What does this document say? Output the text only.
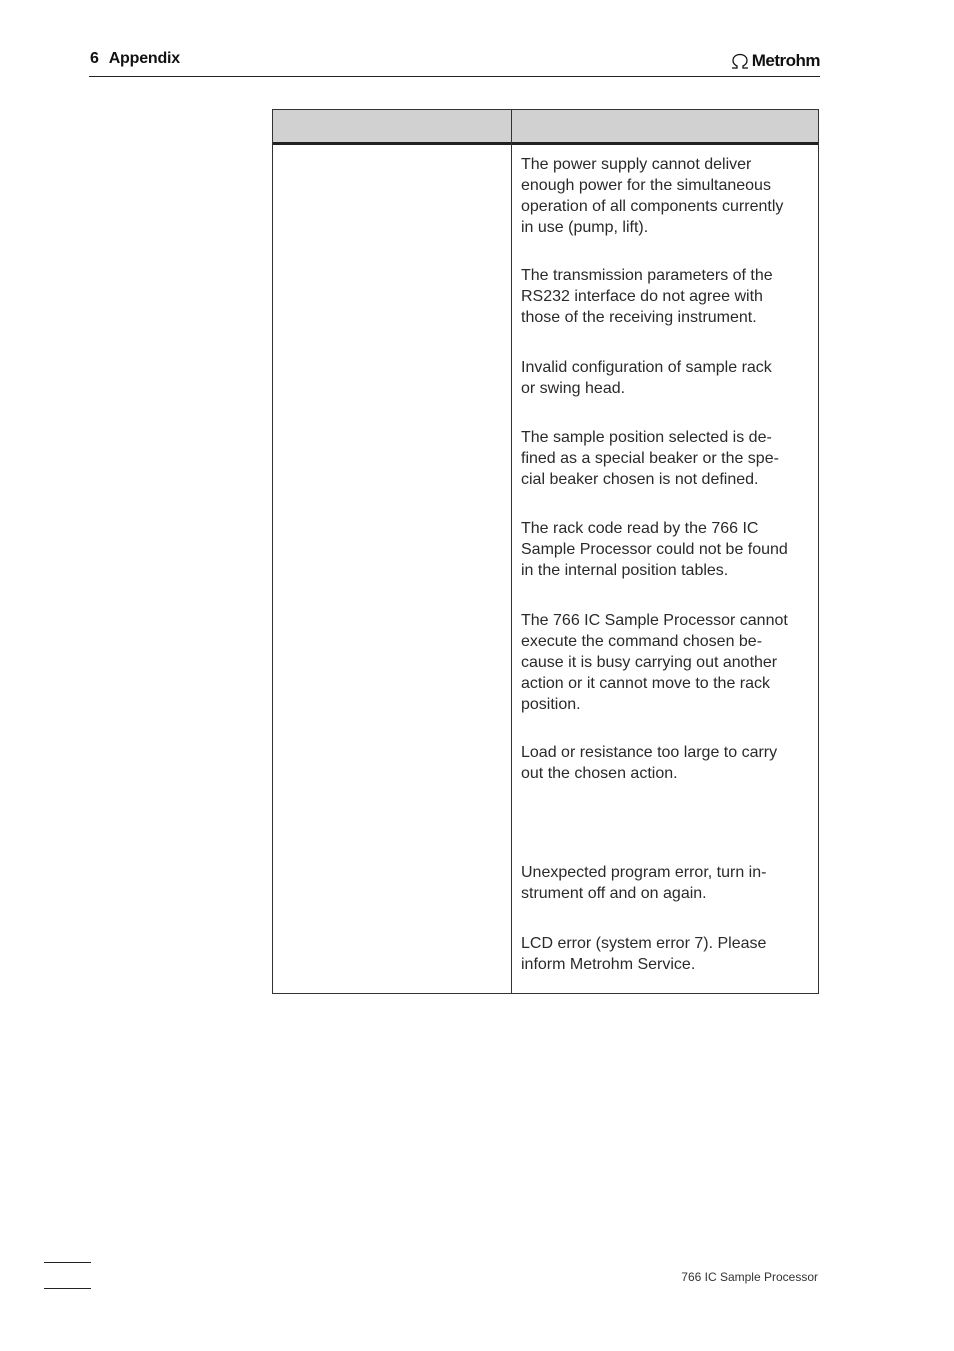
6 Appendix	Metrohm
The power supply cannot deliver
enough power for the simultaneous
operation of all components currently
in use (pump, lift).
The transmission parameters of the
RS232 interface do not agree with
those of the receiving instrument.
Invalid configuration of sample rack
or swing head.
The sample position selected is de-
fined as a special beaker or the spe-
cial beaker chosen is not defined.
The rack code read by the 766 IC
Sample Processor could not be found
in the internal position tables.
The 766 IC Sample Processor cannot
execute the command chosen be-
cause it is busy carrying out another
action or it cannot move to the rack
position.
Load or resistance too large to carry
out the chosen action.
Unexpected program error, turn in-
strument off and on again.
LCD error (system error 7). Please
inform Metrohm Service.
766 IC Sample Processor
